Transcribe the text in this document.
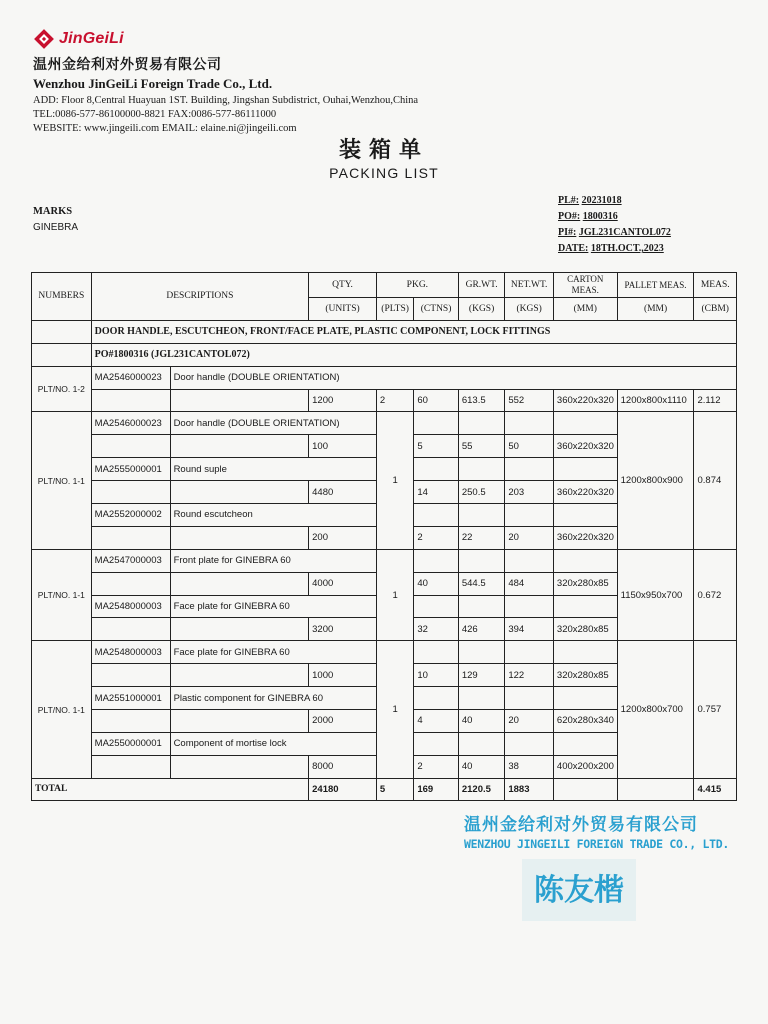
JinGeiLi
温州金给利对外贸易有限公司
Wenzhou JinGeiLi Foreign Trade Co., Ltd.
ADD: Floor 8,Central Huayuan 1ST. Building, Jingshan Subdistrict, Ouhai,Wenzhou,China
TEL:0086-577-86100000-8821 FAX:0086-577-86111000
WEBSITE: www.jingeili.com EMAIL: elaine.ni@jingeili.com
装箱单
PACKING LIST
MARKS
GINEBRA
PL#: 20231018
PO#: 1800316
PI#: JGL231CANTOL072
DATE: 18TH.OCT.,2023
NUMBERS	DESCRIPTIONS		QTY.	PKG.		GR.WT.	NET.WT.	CARTON MEAS.	PALLET MEAS.	MEAS.
			(UNITS)	(PLTS)	(CTNS)	(KGS)	(KGS)	(MM)	(MM)	(CBM)
	DOOR HANDLE, ESCUTCHEON, FRONT/FACE PLATE, PLASTIC COMPONENT, LOCK FITTINGS									
	PO#1800316 (JGL231CANTOL072)									
PLT/NO. 1-2	MA2546000023	Door handle (DOUBLE ORIENTATION)								
			1200	2	60	613.5	552	360x220x320	1200x800x1110	2.112
PLT/NO. 1-1	MA2546000023	Door handle (DOUBLE ORIENTATION)		1					1200x800x900	0.874
			100		5	55	50	360x220x320		
	MA2555000001	Round suple								
			4480		14	250.5	203	360x220x320		
	MA2552000002	Round escutcheon								
			200		2	22	20	360x220x320		
PLT/NO. 1-1	MA2547000003	Front plate for GINEBRA 60		1					1150x950x700	0.672
			4000		40	544.5	484	320x280x85		
	MA2548000003	Face plate for GINEBRA 60								
			3200		32	426	394	320x280x85		
PLT/NO. 1-1	MA2548000003	Face plate for GINEBRA 60		1					1200x800x700	0.757
			1000		10	129	122	320x280x85		
	MA2551000001	Plastic component for GINEBRA 60								
			2000		4	40	20	620x280x340		
	MA2550000001	Component of mortise lock								
			8000		2	40	38	400x200x200		
TOTAL			24180	5	169	2120.5	1883			4.415
温州金给利对外贸易有限公司
WENZHOU JINGEILI FOREIGN TRADE CO., LTD.
陈友楷
